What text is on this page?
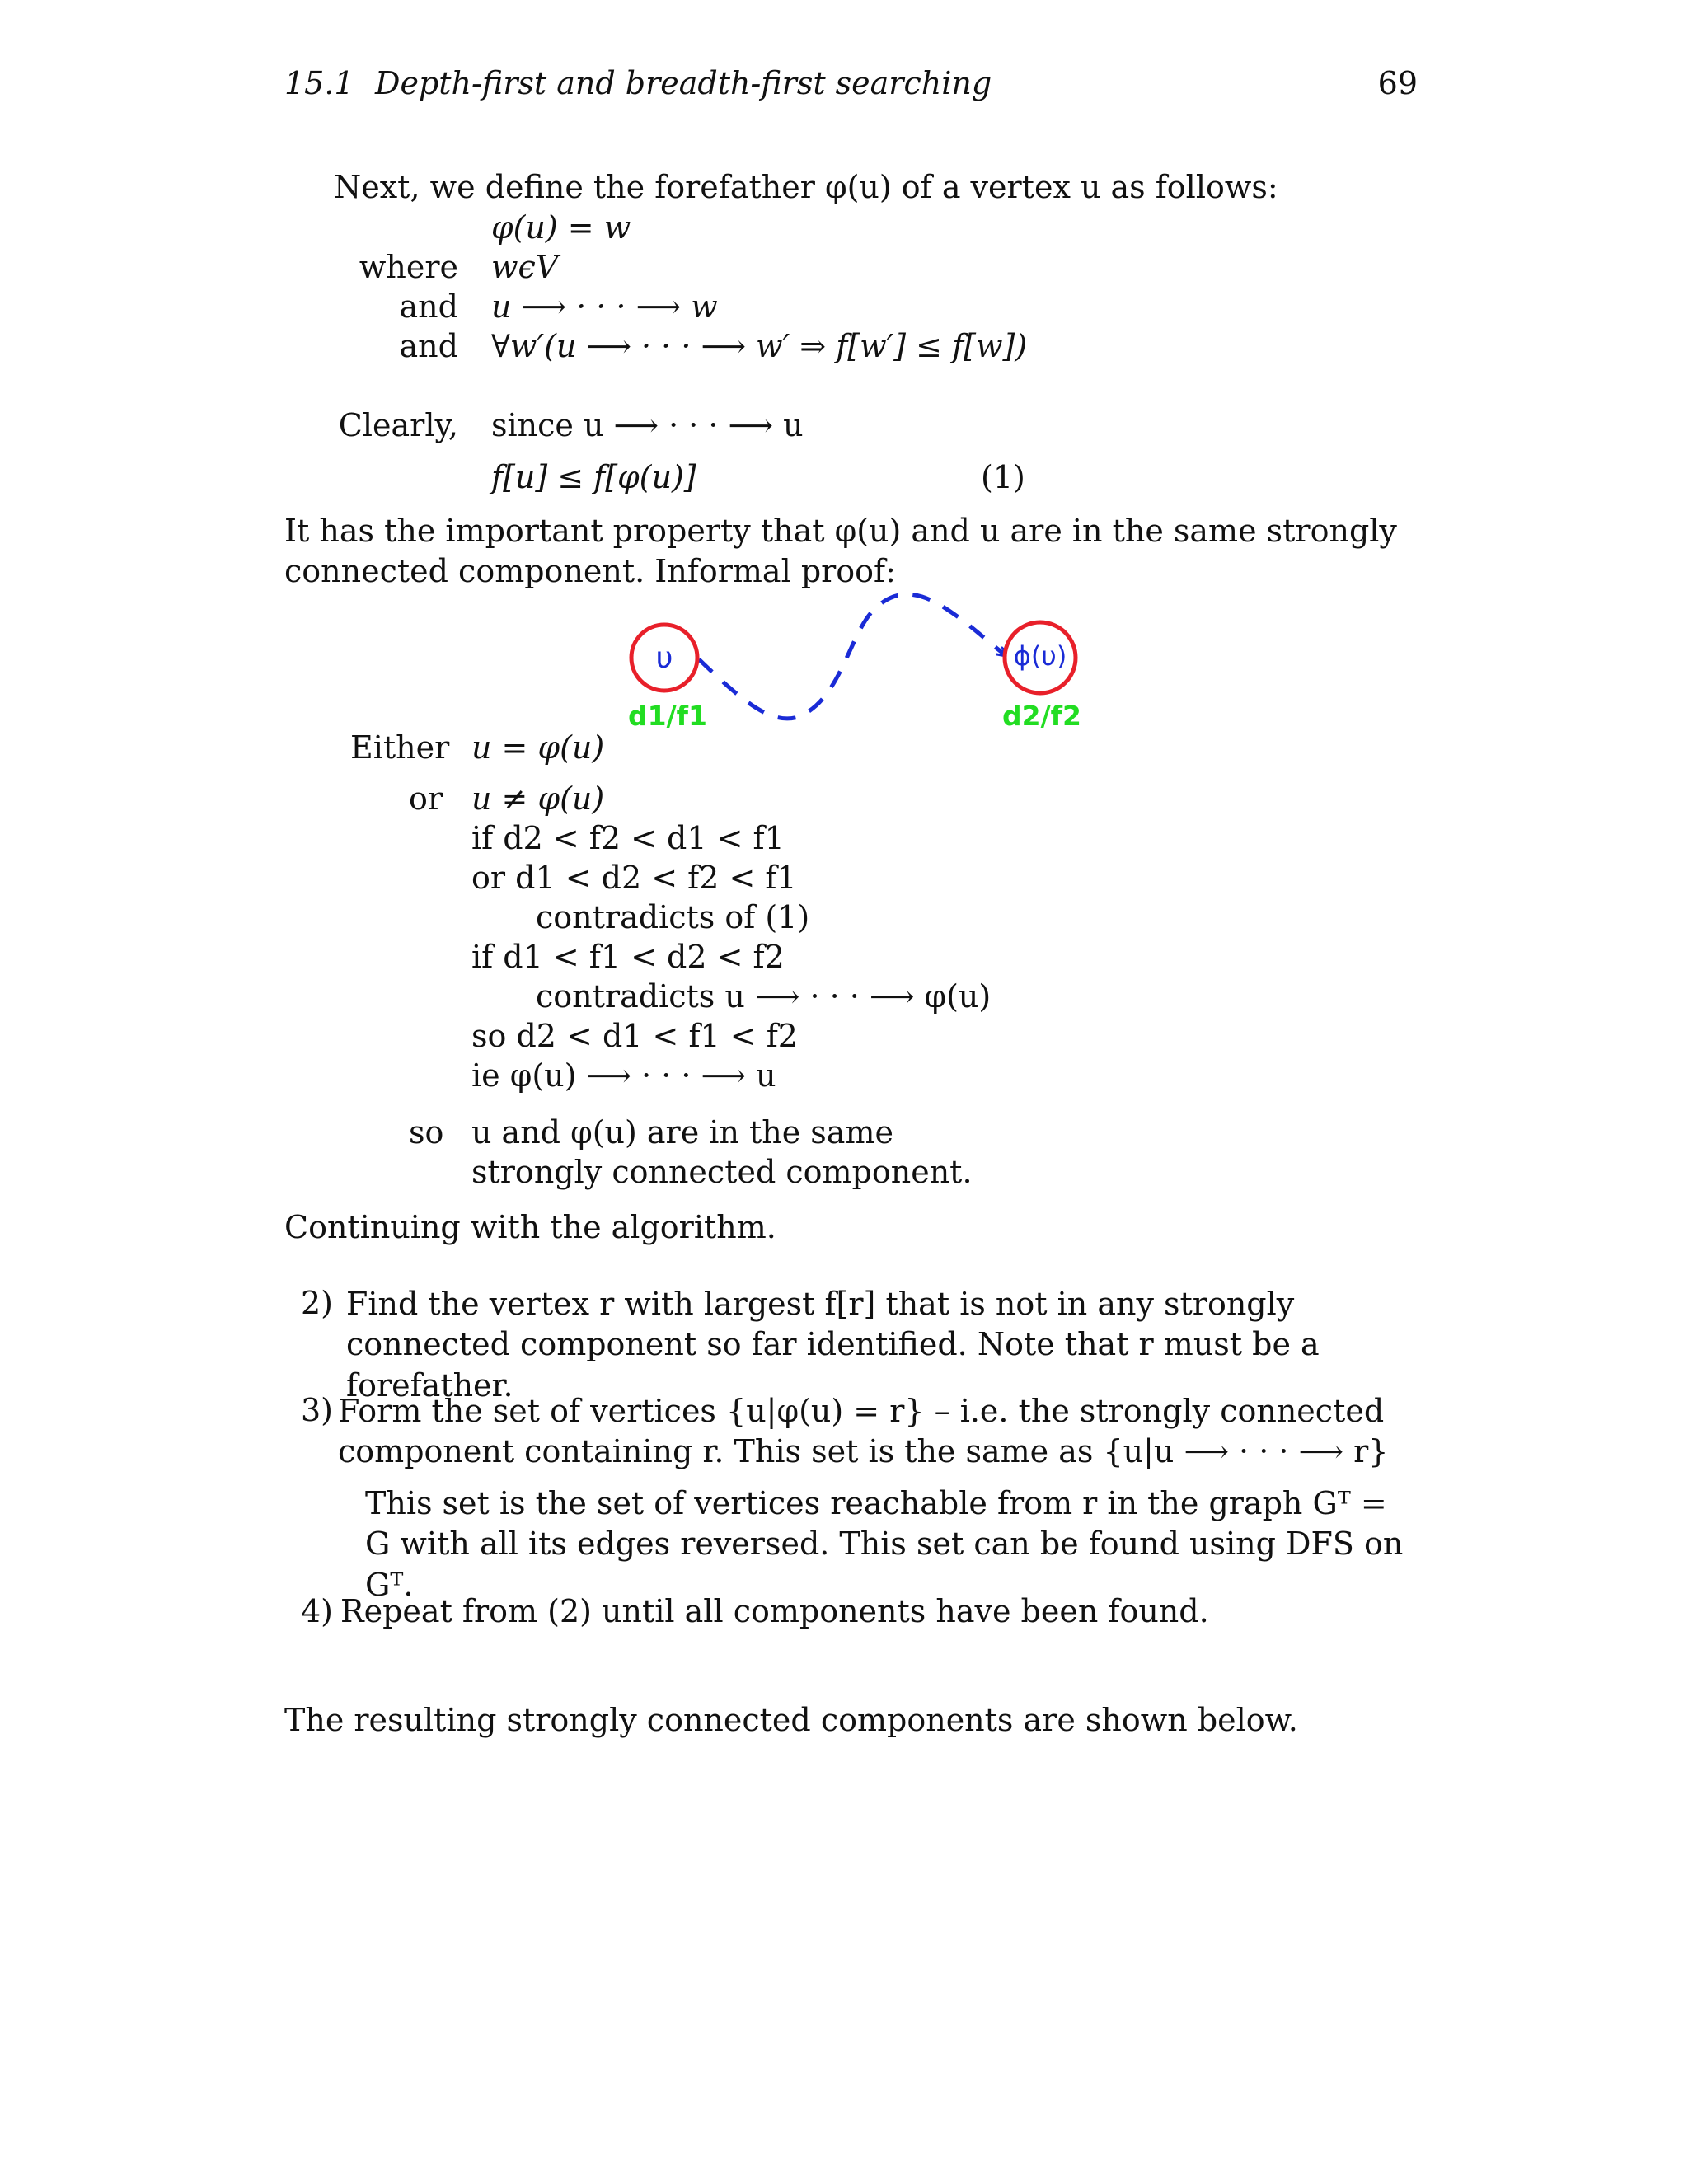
15.1 Depth-first and breadth-first searching	69
Next, we define the forefather φ(u) of a vertex u as follows:
φ(u) = w
where wϵV
and u ⟶ · · · ⟶ w
and ∀w′(u ⟶ · · · ⟶ w′ ⇒ f[w′] ≤ f[w])
Clearly, since u ⟶ · · · ⟶ u
f[u] ≤ f[φ(u)]	(1)
It has the important property that φ(u) and u are in the same strongly connected component. Informal proof:
υ	ϕ(υ)
d1/f1	d2/f2
Either u = φ(u)
or u ≠ φ(u)
if d2 < f2 < d1 < f1
or d1 < d2 < f2 < f1
contradicts of (1)
if d1 < f1 < d2 < f2
contradicts u ⟶ · · · ⟶ φ(u)
so d2 < d1 < f1 < f2
ie φ(u) ⟶ · · · ⟶ u
so u and φ(u) are in the same
strongly connected component.
Continuing with the algorithm.
2) Find the vertex r with largest f[r] that is not in any strongly connected component so far identified. Note that r must be a forefather.
3) Form the set of vertices {u|φ(u) = r} – i.e. the strongly connected component containing r. This set is the same as {u|u ⟶ · · · ⟶ r}
This set is the set of vertices reachable from r in the graph Gᵀ = G with all its edges reversed. This set can be found using DFS on Gᵀ.
4) Repeat from (2) until all components have been found.
The resulting strongly connected components are shown below.
